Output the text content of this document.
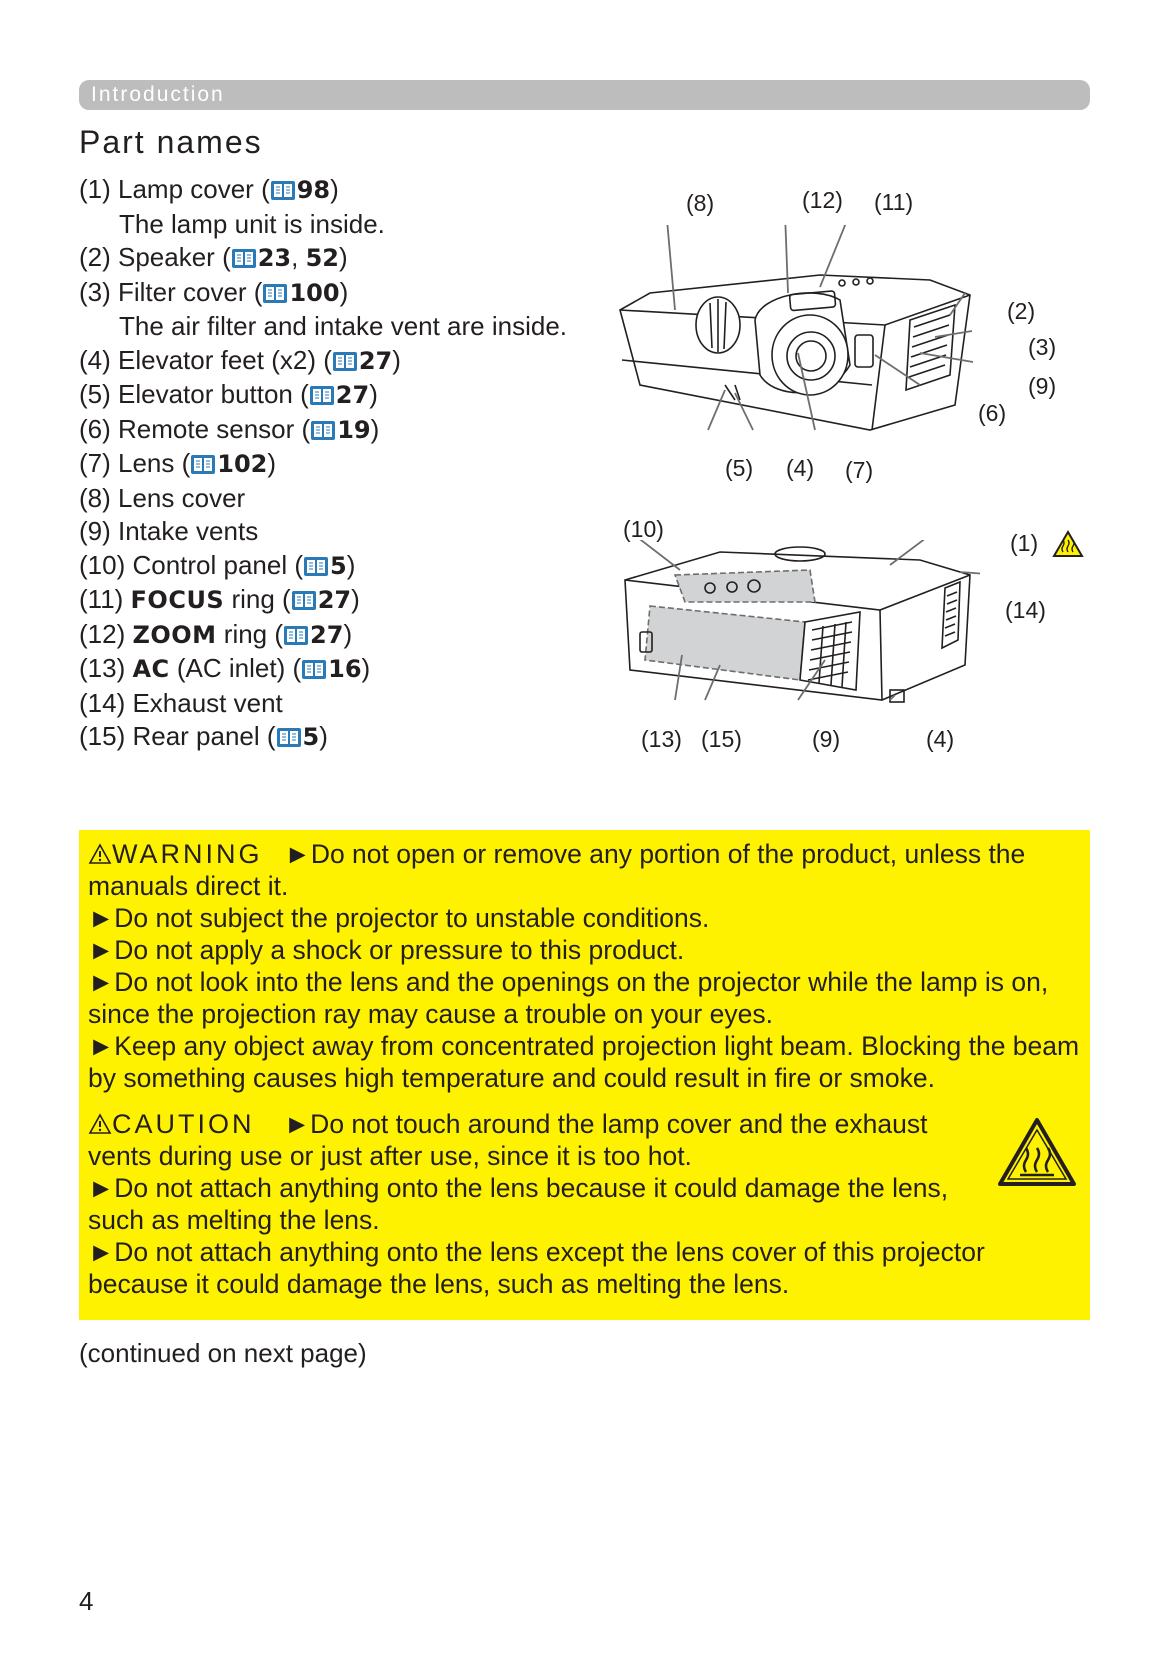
Introduction
Part names
(1) Lamp cover ( 98)
The lamp unit is inside.
(2) Speaker ( 23, 52)
(3) Filter cover ( 100)
The air filter and intake vent are inside.
(4) Elevator feet (x2) ( 27)
(5) Elevator button ( 27)
(6) Remote sensor ( 19)
(7) Lens ( 102)
(8) Lens cover
(9) Intake vents
(10) Control panel ( 5)
(11) FOCUS ring ( 27)
(12) ZOOM ring ( 27)
(13) AC (AC inlet) ( 16)
(14) Exhaust vent
(15) Rear panel ( 5)
(8)	(12) (11)
(2)
(3)
(9)
(6)
(5) (4) (7)
(10)
(1)
(14)
(13) (15)	(9)	(4)

WARNING ►Do not open or remove any portion of the product, unless the manuals direct it.

►Do not subject the projector to unstable conditions.

►Do not apply a shock or pressure to this product.

►Do not look into the lens and the openings on the projector while the lamp is on, since the projection ray may cause a trouble on your eyes.

►Keep any object away from concentrated projection light beam. Blocking the beam by something causes high temperature and could result in fire or smoke.

CAUTION ►Do not touch around the lamp cover and the exhaust vents during use or just after use, since it is too hot.

►Do not attach anything onto the lens because it could damage the lens, such as melting the lens.

►Do not attach anything onto the lens except the lens cover of this projector because it could damage the lens, such as melting the lens.

(continued on next page)
4
